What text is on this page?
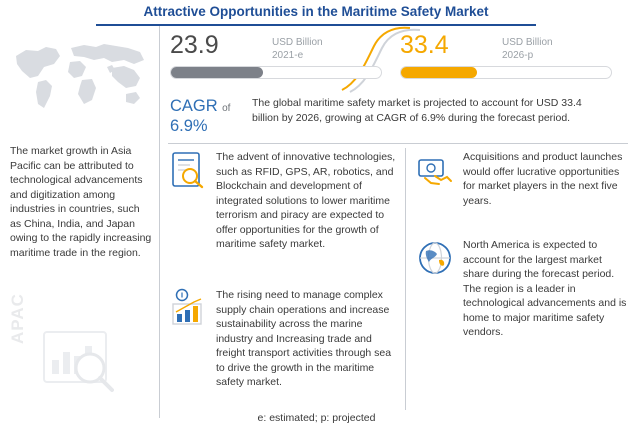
Attractive Opportunities in the Maritime Safety Market
The market growth in Asia Pacific can be attributed to technological advancements and digitization among industries in countries, such as China, India, and Japan owing to the rapidly increasing maritime trade in the region.
APAC
23.9	USD Billion
2021-e	33.4	USD Billion
2026-p
CAGR of
6.9%
The global maritime safety market is projected to account for USD 33.4 billion by 2026, growing at CAGR of 6.9% during the forecast period.
The advent of innovative technologies, such as RFID, GPS, AR, robotics, and Blockchain and development of integrated solutions to lower maritime terrorism and piracy are expected to offer opportunities for the growth of maritime safety market.
The rising need to manage complex supply chain operations and increase sustainability across the marine industry and Increasing trade and freight transport activities through sea to drive the growth in the maritime safety market.
Acquisitions and product launches would offer lucrative opportunities for market players in the next five years.
North America is expected to account for the largest market share during the forecast period. The region is a leader in technological advancements and is home to major maritime safety vendors.
e: estimated; p: projected
